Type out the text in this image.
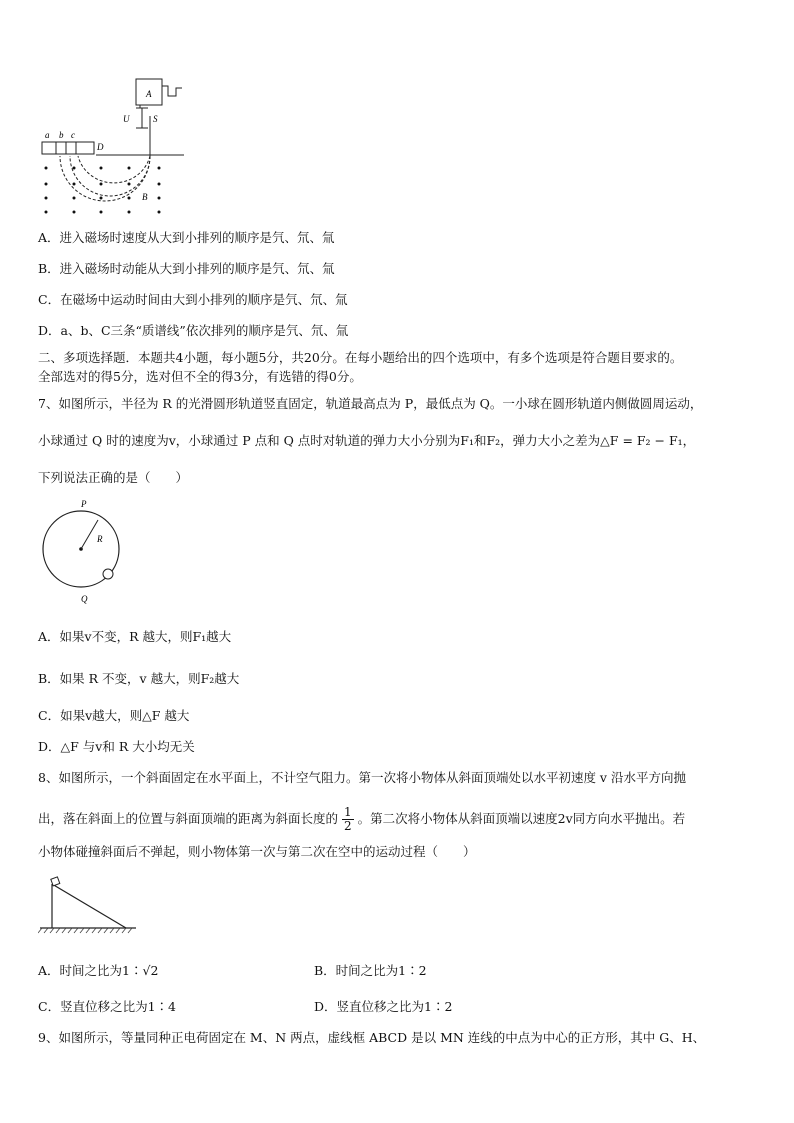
A
U	S
D
B
a b c
A．进入磁场时速度从大到小排列的顺序是氕、氘、氚
B．进入磁场时动能从大到小排列的顺序是氕、氘、氚
C．在磁场中运动时间由大到小排列的顺序是氕、氘、氚
D．a、b、C三条“质谱线”依次排列的顺序是氕、氘、氚
二、多项选择题．本题共4小题，每小题5分，共20分。在每小题给出的四个选项中，有多个选项是符合题目要求的。
全部选对的得5分，选对但不全的得3分，有选错的得0分。
7、如图所示，半径为 R 的光滑圆形轨道竖直固定，轨道最高点为 P，最低点为 Q。一小球在圆形轨道内侧做圆周运动，
小球通过 Q 时的速度为v，小球通过 P 点和 Q 点时对轨道的弹力大小分别为F₁和F₂，弹力大小之差为△F = F₂ − F₁，
下列说法正确的是（　　）
P
R
Q
A．如果v不变，R 越大，则F₁越大
B．如果 R 不变，v 越大，则F₂越大
C．如果v越大，则△F 越大
D．△F 与v和 R 大小均无关
8、如图所示，一个斜面固定在水平面上，不计空气阻力。第一次将小物体从斜面顶端处以水平初速度 v 沿水平方向抛
出，落在斜面上的位置与斜面顶端的距离为斜面长度的 $\frac{1}{2}$ 。第二次将小物体从斜面顶端以速度2v同方向水平抛出。若
小物体碰撞斜面后不弹起，则小物体第一次与第二次在空中的运动过程（　　）
A．时间之比为1∶√2	B．时间之比为1∶2
C．竖直位移之比为1∶4	D．竖直位移之比为1∶2
9、如图所示，等量同种正电荷固定在 M、N 两点，虚线框 ABCD 是以 MN 连线的中点为中心的正方形，其中 G、H、
